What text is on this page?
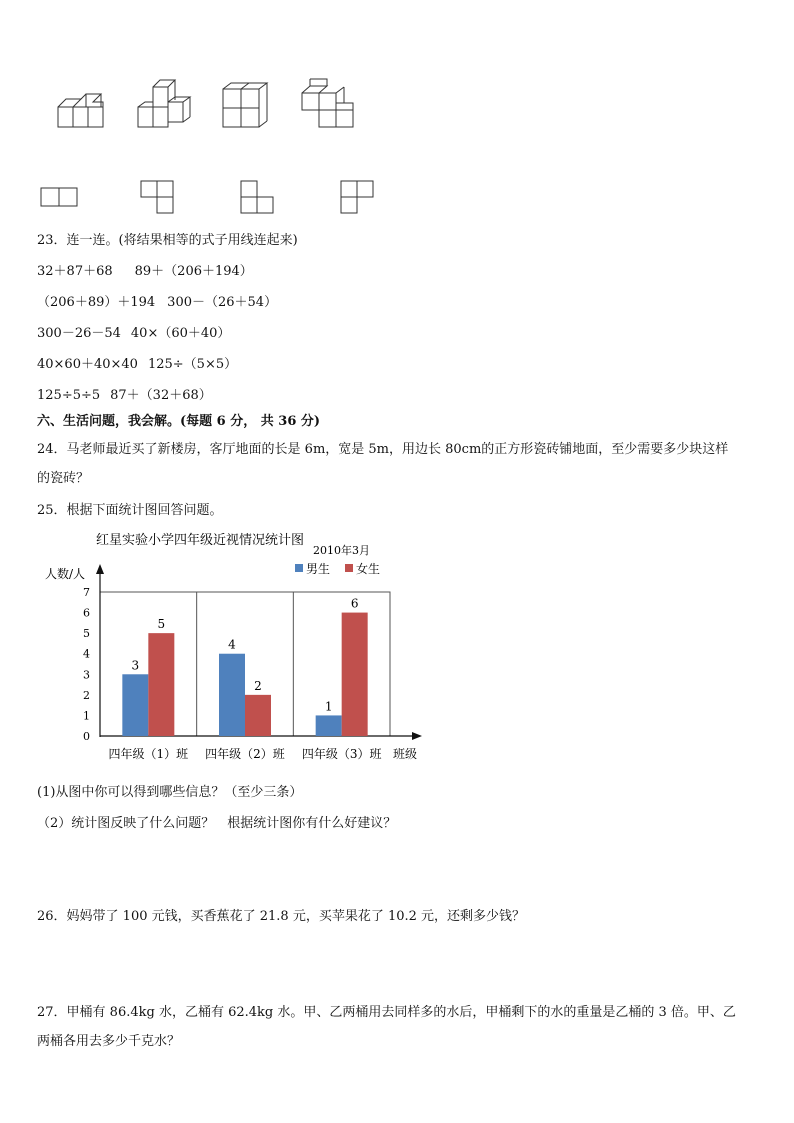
23．连一连。(将结果相等的式子用线连起来)
32＋87＋68 89＋（206＋194）
（206＋89）＋194 300－（26＋54）
300－26－54 40×（60＋40）
40×60＋40×40 125÷（5×5）
125÷5÷5 87＋（32＋68）
六、生活问题，我会解。(每题 6 分， 共 36 分)
24．马老师最近买了新楼房，客厅地面的长是 6m，宽是 5m，用边长 80cm的正方形瓷砖铺地面，至少需要多少块这样
的瓷砖？
25．根据下面统计图回答问题。
红星实验小学四年级近视情况统计图
2010年3月
人数/人
班级
男生 女生
0
1
2
3
4
5
6
7
3
5
四年级（1）班
4
2
四年级（2）班
1
6
四年级（3）班
(1)从图中你可以得到哪些信息？（至少三条）
（2）统计图反映了什么问题？　根据统计图你有什么好建议？
26．妈妈带了 100 元钱，买香蕉花了 21.8 元，买苹果花了 10.2 元，还剩多少钱？
27．甲桶有 86.4kg 水，乙桶有 62.4kg 水。甲、乙两桶用去同样多的水后，甲桶剩下的水的重量是乙桶的 3 倍。甲、乙
两桶各用去多少千克水？
